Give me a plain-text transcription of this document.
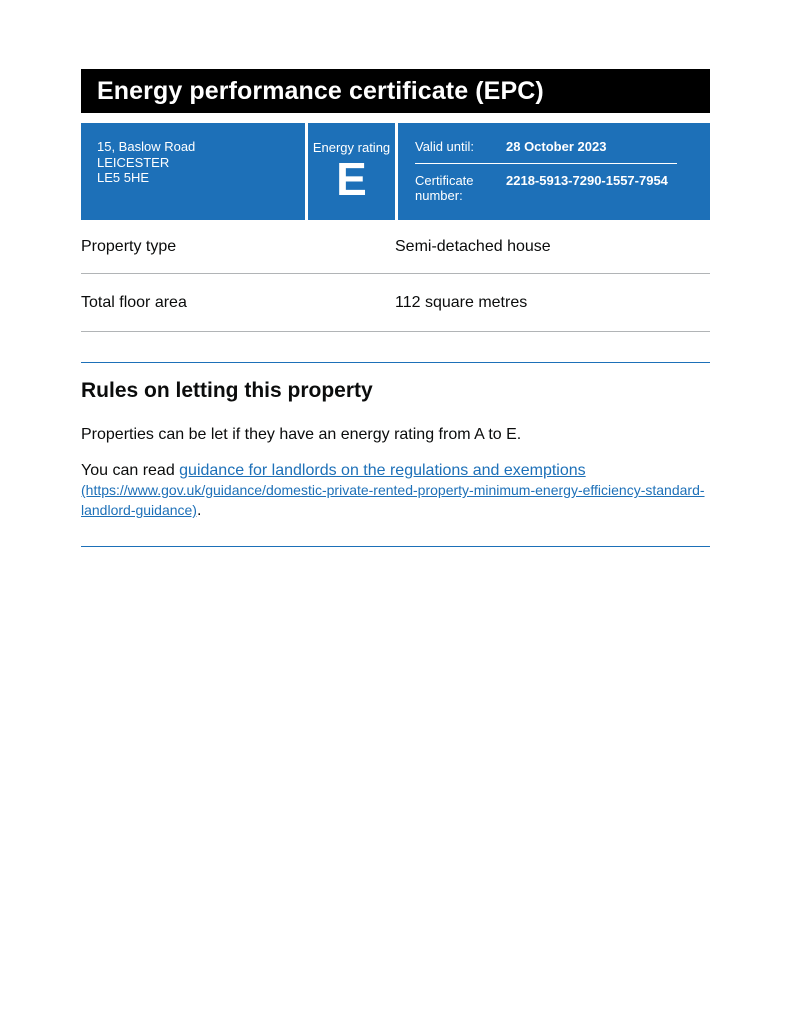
Energy performance certificate (EPC)
15, Baslow Road
LEICESTER
LE5 5HE
Energy rating
E
Valid until:	28 October 2023
Certificate number:
2218-5913-7290-1557-7954
Property type	Semi-detached house
Total floor area	112 square metres
Rules on letting this property

Properties can be let if they have an energy rating from A to E.

You can read guidance for landlords on the regulations and exemptions
(https://www.gov.uk/guidance/domestic-private-rented-property-minimum-energy-efficiency-standard-landlord-guidance).
